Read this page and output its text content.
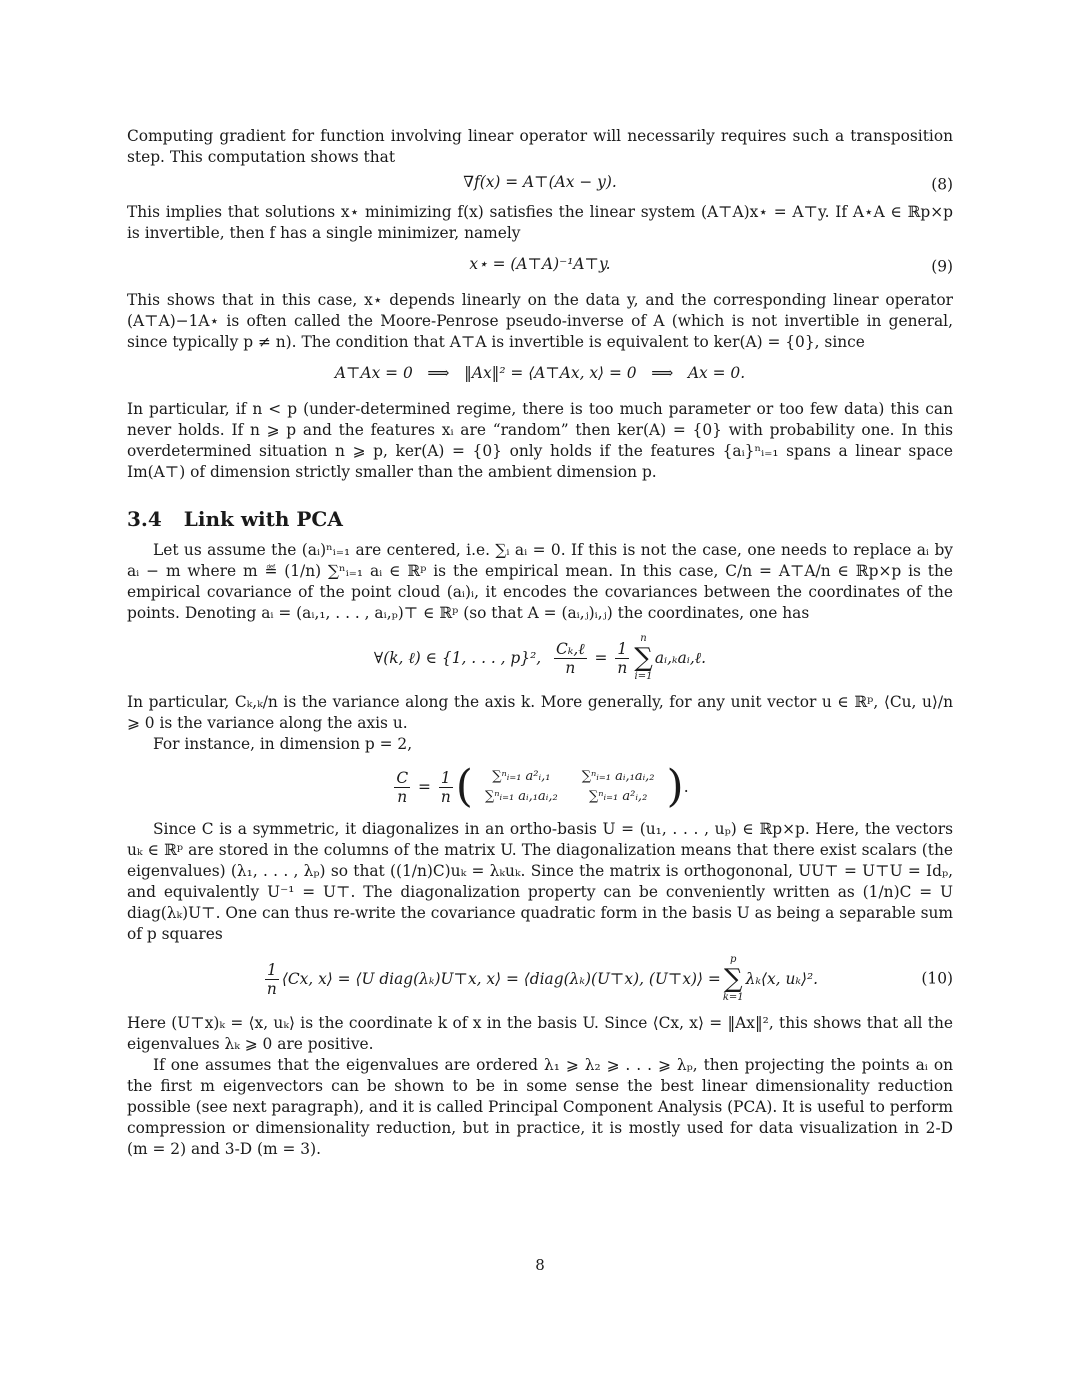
Computing gradient for function involving linear operator will necessarily requires such a transposition step. This computation shows that

∇f(x) = A⊤(Ax − y).	(8)

This implies that solutions x⋆ minimizing f(x) satisfies the linear system (A⊤A)x⋆ = A⊤y. If A⋆A ∈ ℝp×p is invertible, then f has a single minimizer, namely

x⋆ = (A⊤A)⁻¹A⊤y.	(9)

This shows that in this case, x⋆ depends linearly on the data y, and the corresponding linear operator (A⊤A)−1A⋆ is often called the Moore-Penrose pseudo-inverse of A (which is not invertible in general, since typically p ≠ n). The condition that A⊤A is invertible is equivalent to ker(A) = {0}, since

A⊤Ax = 0   ⟹   ‖Ax‖² = ⟨A⊤Ax, x⟩ = 0   ⟹   Ax = 0.

In particular, if n < p (under-determined regime, there is too much parameter or too few data) this can never holds. If n ⩾ p and the features xᵢ are “random” then ker(A) = {0} with probability one. In this overdetermined situation n ⩾ p, ker(A) = {0} only holds if the features {aᵢ}ⁿᵢ₌₁ spans a linear space Im(A⊤) of dimension strictly smaller than the ambient dimension p.

3.4 Link with PCA

Let us assume the (aᵢ)ⁿᵢ₌₁ are centered, i.e. ∑ᵢ aᵢ = 0. If this is not the case, one needs to replace aᵢ by aᵢ − m where m ≝ (1/n) ∑ⁿᵢ₌₁ aᵢ ∈ ℝᵖ is the empirical mean. In this case, C/n = A⊤A/n ∈ ℝp×p is the empirical covariance of the point cloud (aᵢ)ᵢ, it encodes the covariances between the coordinates of the points. Denoting aᵢ = (aᵢ,₁, . . . , aᵢ,ₚ)⊤ ∈ ℝᵖ (so that A = (aᵢ,ⱼ)ᵢ,ⱼ) the coordinates, one has

∀(k, ℓ) ∈ {1, . . . , p}²,
$\frac{\text{Cₖ,ℓ}}{n} = \frac{1}{n}$
n
∑
i=1
aᵢ,ₖaᵢ,ℓ.

In particular, Cₖ,ₖ/n is the variance along the axis k. More generally, for any unit vector u ∈ ℝᵖ, ⟨Cu, u⟩/n ⩾ 0 is the variance along the axis u.

For instance, in dimension p = 2,

$\frac{C}{n} = \frac{1}{n}$ ( ∑ⁿᵢ₌₁ a²ᵢ,₁	∑ⁿᵢ₌₁ aᵢ,₁aᵢ,₂
∑ⁿᵢ₌₁ aᵢ,₁aᵢ,₂	∑ⁿᵢ₌₁ a²ᵢ,₂ ) .

Since C is a symmetric, it diagonalizes in an ortho-basis U = (u₁, . . . , uₚ) ∈ ℝp×p. Here, the vectors uₖ ∈ ℝᵖ are stored in the columns of the matrix U. The diagonalization means that there exist scalars (the eigenvalues) (λ₁, . . . , λₚ) so that ((1/n)C)uₖ = λₖuₖ. Since the matrix is orthogononal, UU⊤ = U⊤U = Idₚ, and equivalently U⁻¹ = U⊤. The diagonalization property can be conveniently written as (1/n)C = U diag(λₖ)U⊤. One can thus re-write the covariance quadratic form in the basis U as being a separable sum of p squares

$\frac{1}{n}$ ⟨Cx, x⟩ = ⟨U diag(λₖ)U⊤x, x⟩ = ⟨diag(λₖ)(U⊤x), (U⊤x)⟩ =
p
∑
k=1
λₖ⟨x, uₖ⟩².	(10)

Here (U⊤x)ₖ = ⟨x, uₖ⟩ is the coordinate k of x in the basis U. Since ⟨Cx, x⟩ = ‖Ax‖², this shows that all the eigenvalues λₖ ⩾ 0 are positive.

If one assumes that the eigenvalues are ordered λ₁ ⩾ λ₂ ⩾ . . . ⩾ λₚ, then projecting the points aᵢ on the first m eigenvectors can be shown to be in some sense the best linear dimensionality reduction possible (see next paragraph), and it is called Principal Component Analysis (PCA). It is useful to perform compression or dimensionality reduction, but in practice, it is mostly used for data visualization in 2-D (m = 2) and 3-D (m = 3).

8
